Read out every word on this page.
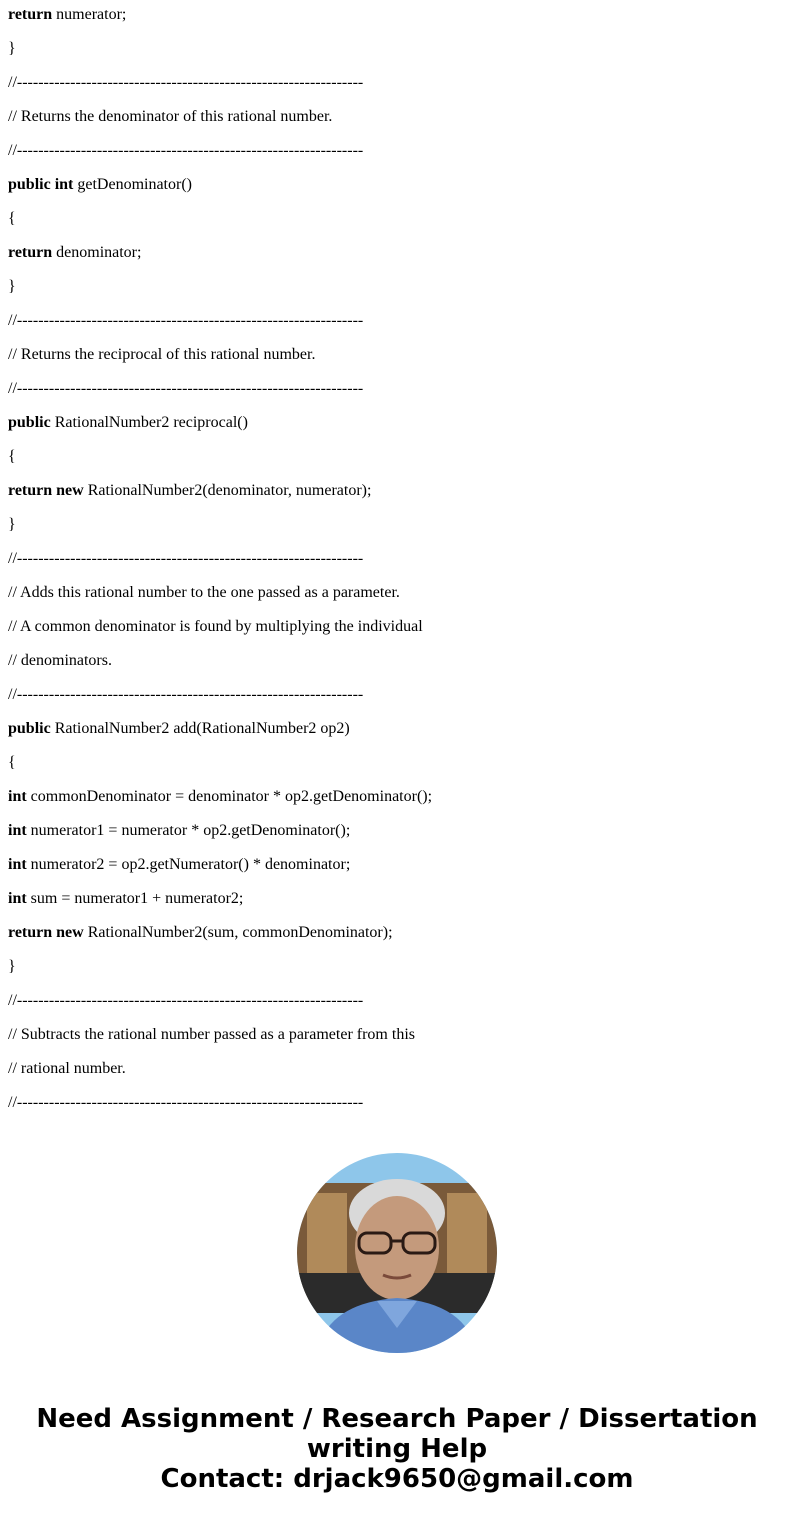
return numerator;
}
//-----------------------------------------------------------------
// Returns the denominator of this rational number.
//-----------------------------------------------------------------
public int getDenominator()
{
return denominator;
}
//-----------------------------------------------------------------
// Returns the reciprocal of this rational number.
//-----------------------------------------------------------------
public RationalNumber2 reciprocal()
{
return new RationalNumber2(denominator, numerator);
}
//-----------------------------------------------------------------
// Adds this rational number to the one passed as a parameter.
// A common denominator is found by multiplying the individual
// denominators.
//-----------------------------------------------------------------
public RationalNumber2 add(RationalNumber2 op2)
{
int commonDenominator = denominator * op2.getDenominator();
int numerator1 = numerator * op2.getDenominator();
int numerator2 = op2.getNumerator() * denominator;
int sum = numerator1 + numerator2;
return new RationalNumber2(sum, commonDenominator);
}
//-----------------------------------------------------------------
// Subtracts the rational number passed as a parameter from this
// rational number.
//-----------------------------------------------------------------
Need Assignment / Research Paper / Dissertation
writing Help
Contact: drjack9650@gmail.com
